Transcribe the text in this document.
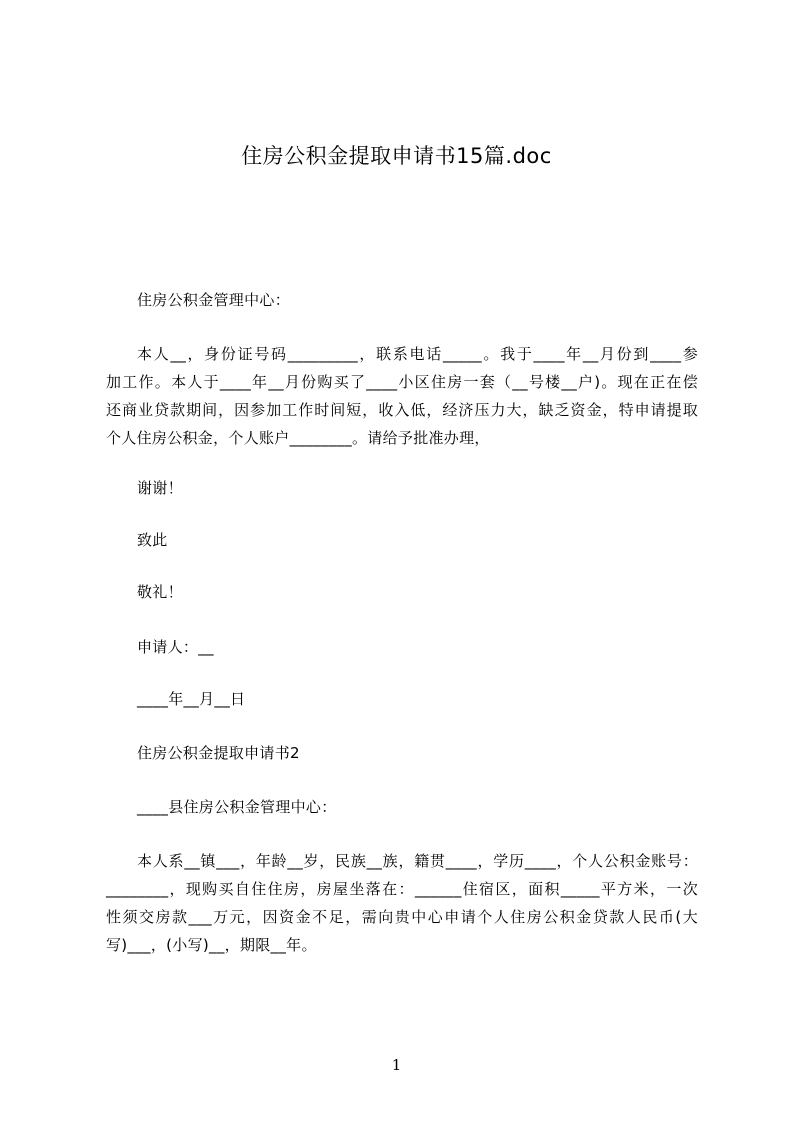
住房公积金提取申请书15篇.doc
住房公积金管理中心：
本人__，身份证号码_________，联系电话_____。我于____年__月份到____参
加工作。本人于____年__月份购买了____小区住房一套（__号楼__户)。现在正在偿
还商业贷款期间，因参加工作时间短，收入低，经济压力大，缺乏资金，特申请提取
个人住房公积金，个人账户________。请给予批准办理，
谢谢！
致此
敬礼！
申请人：__
____年__月__日
住房公积金提取申请书2
____县住房公积金管理中心：
本人系__镇___，年龄__岁，民族__族，籍贯____，学历____，个人公积金账号：
________，现购买自住住房，房屋坐落在：______住宿区，面积_____平方米，一次
性须交房款___万元，因资金不足，需向贵中心申请个人住房公积金贷款人民币(大
写)___，(小写)__，期限__年。
1
